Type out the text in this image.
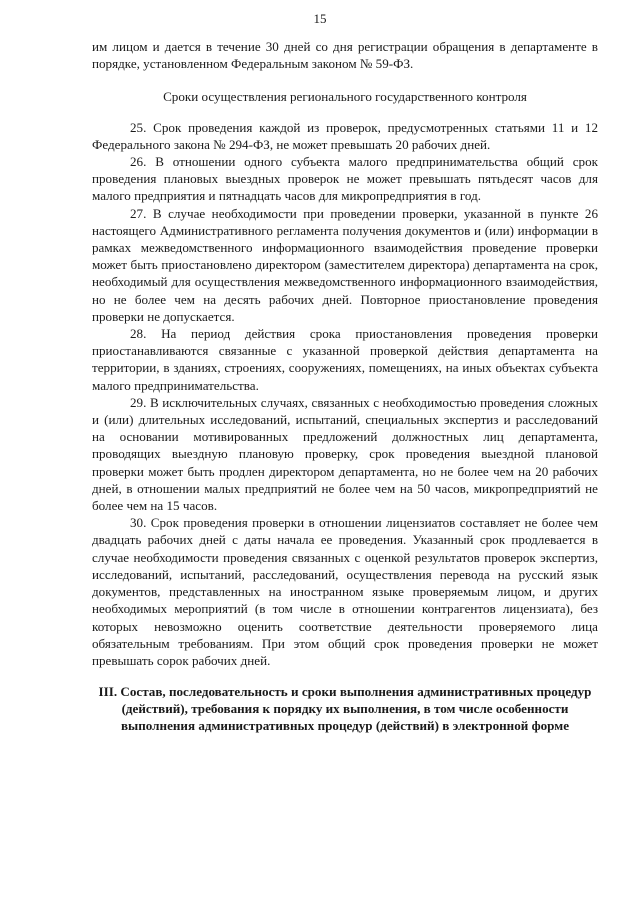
15

им лицом и дается в течение 30 дней со дня регистрации обращения в департаменте в порядке, установленном Федеральным законом № 59-ФЗ.

Сроки осуществления регионального государственного контроля

25. Срок проведения каждой из проверок, предусмотренных статьями 11 и 12 Федерального закона № 294-ФЗ, не может превышать 20 рабочих дней.

26. В отношении одного субъекта малого предпринимательства общий срок проведения плановых выездных проверок не может превышать пятьдесят часов для малого предприятия и пятнадцать часов для микропредприятия в год.

27. В случае необходимости при проведении проверки, указанной в пункте 26 настоящего Административного регламента получения документов и (или) информации в рамках межведомственного информационного взаимодействия проведение проверки может быть приостановлено директором (заместителем директора) департамента на срок, необходимый для осуществления межведомственного информационного взаимодействия, но не более чем на десять рабочих дней. Повторное приостановление проведения проверки не допускается.

28. На период действия срока приостановления проведения проверки приостанавливаются связанные с указанной проверкой действия департамента на территории, в зданиях, строениях, сооружениях, помещениях, на иных объектах субъекта малого предпринимательства.

29. В исключительных случаях, связанных с необходимостью проведения сложных и (или) длительных исследований, испытаний, специальных экспертиз и расследований на основании мотивированных предложений должностных лиц департамента, проводящих выездную плановую проверку, срок проведения выездной плановой проверки может быть продлен директором департамента, но не более чем на 20 рабочих дней, в отношении малых предприятий не более чем на 50 часов, микропредприятий не более чем на 15 часов.

30. Срок проведения проверки в отношении лицензиатов составляет не более чем двадцать рабочих дней с даты начала ее проведения. Указанный срок продлевается в случае необходимости проведения связанных с оценкой результатов проверок экспертиз, исследований, испытаний, расследований, осуществления перевода на русский язык документов, представленных на иностранном языке проверяемым лицом, и других необходимых мероприятий (в том числе в отношении контрагентов лицензиата), без которых невозможно оценить соответствие деятельности проверяемого лица обязательным требованиям. При этом общий срок проведения проверки не может превышать сорок рабочих дней.

III. Состав, последовательность и сроки выполнения административных процедур (действий), требования к порядку их выполнения, в том числе особенности выполнения административных процедур (действий) в электронной форме
